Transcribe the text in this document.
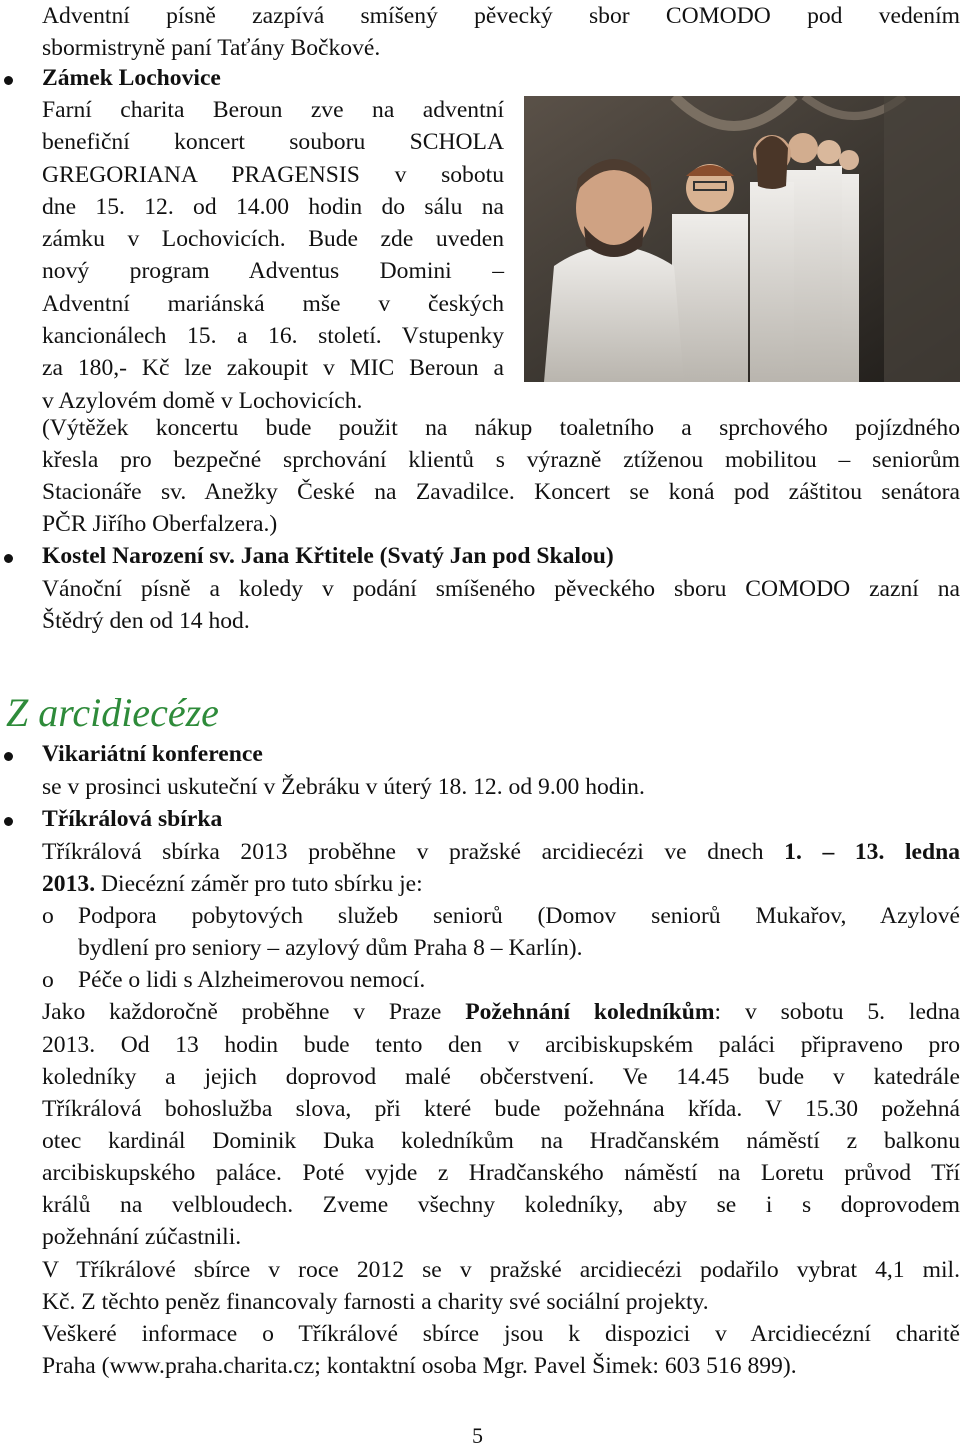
Adventní písně zazpívá smíšený pěvecký sbor COMODO pod vedením
sbormistryně paní Taťány Bočkové.
Zámek Lochovice
Farní charita Beroun zve na adventní
benefiční koncert souboru SCHOLA
GREGORIANA PRAGENSIS v sobotu
dne 15. 12. od 14.00 hodin do sálu na
zámku v Lochovicích. Bude zde uveden
nový program Adventus Domini –
Adventní mariánská mše v českých
kancionálech 15. a 16. století. Vstupenky
za 180,- Kč lze zakoupit v MIC Beroun a
v Azylovém domě v Lochovicích.
(Výtěžek koncertu bude použit na nákup toaletního a sprchového pojízdného
křesla pro bezpečné sprchování klientů s výrazně ztíženou mobilitou – seniorům
Stacionáře sv. Anežky České na Zavadilce. Koncert se koná pod záštitou senátora
PČR Jiřího Oberfalzera.)
Kostel Narození sv. Jana Křtitele (Svatý Jan pod Skalou)
Vánoční písně a koledy v podání smíšeného pěveckého sboru COMODO zazní na
Štědrý den od 14 hod.
Z arcidiecéze
Vikariátní konference
se v prosinci uskuteční v Žebráku v úterý 18. 12. od 9.00 hodin.
Tříkrálová sbírka
Tříkrálová sbírka 2013 proběhne v pražské arcidiecézi ve dnech 1. – 13. ledna
2013. Diecézní záměr pro tuto sbírku je:
o Podpora pobytových služeb seniorů (Domov seniorů Mukařov, Azylové
bydlení pro seniory – azylový dům Praha 8 – Karlín).
o Péče o lidi s Alzheimerovou nemocí.
Jako každoročně proběhne v Praze Požehnání koledníkům: v sobotu 5. ledna
2013. Od 13 hodin bude tento den v arcibiskupském paláci připraveno pro
koledníky a jejich doprovod malé občerstvení. Ve 14.45 bude v katedrále
Tříkrálová bohoslužba slova, při které bude požehnána křída. V 15.30 požehná
otec kardinál Dominik Duka koledníkům na Hradčanském náměstí z balkonu
arcibiskupského paláce. Poté vyjde z Hradčanského náměstí na Loretu průvod Tří
králů na velbloudech. Zveme všechny koledníky, aby se i s doprovodem
požehnání zúčastnili.
V Tříkrálové sbírce v roce 2012 se v pražské arcidiecézi podařilo vybrat 4,1 mil.
Kč. Z těchto peněz financovaly farnosti a charity své sociální projekty.
Veškeré informace o Tříkrálové sbírce jsou k dispozici v Arcidiecézní charitě
Praha (www.praha.charita.cz; kontaktní osoba Mgr. Pavel Šimek: 603 516 899).
5
